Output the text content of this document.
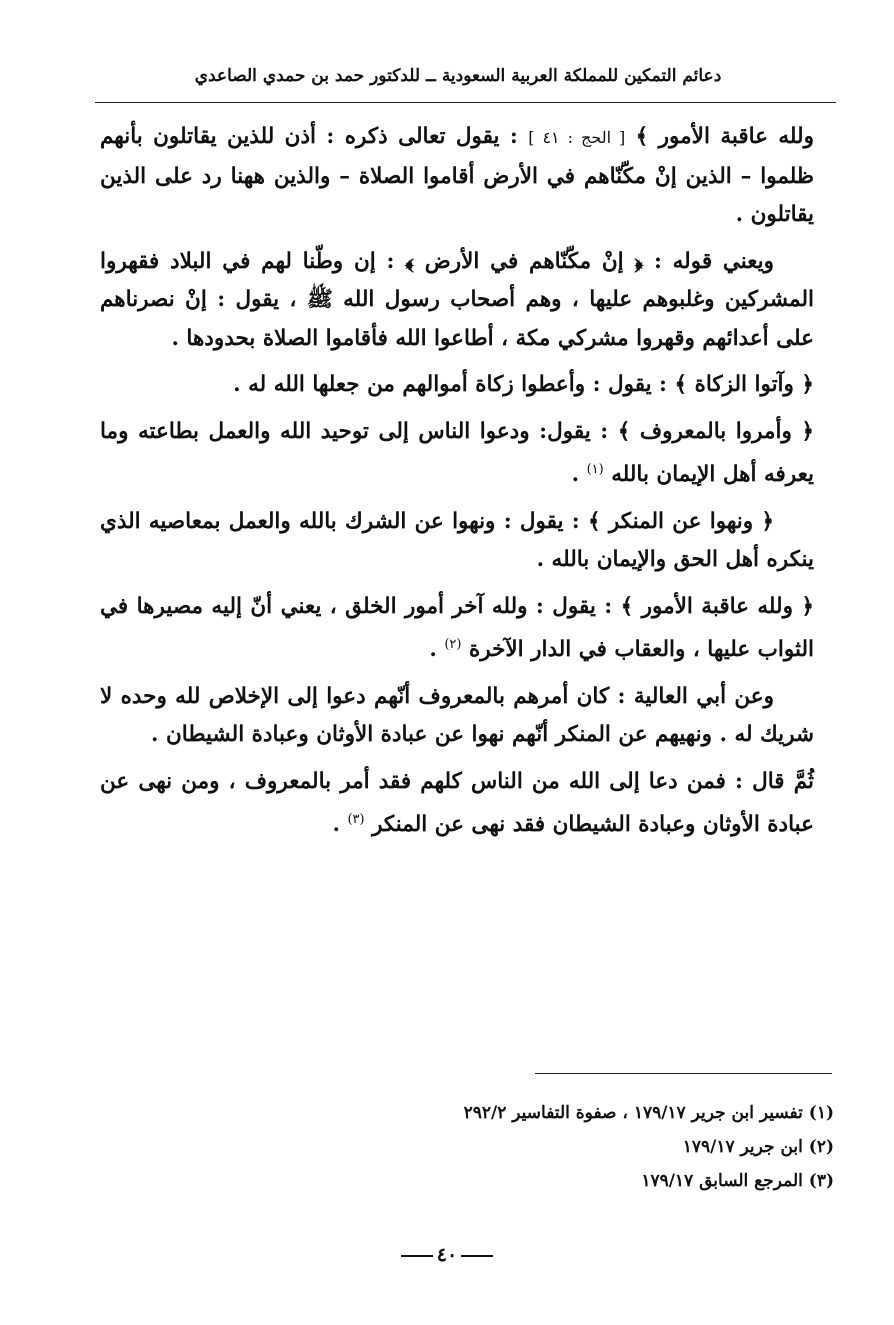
دعائم التمكين للمملكة العربية السعودية ــ للدكتور حمد بن حمدي الصاعدي

ولله عاقبة الأمور ﴾ [ الحج : ٤١ ] : يقول تعالى ذكره : أذن للذين يقاتلون بأنهم ظلموا – الذين إنْ مكّنّاهم في الأرض أقاموا الصلاة – والذين ههنا رد على الذين يقاتلون .

ويعني قوله : ﴿ إنْ مكّنّاهم في الأرض ﴾ : إن وطّنا لهم في البلاد فقهروا المشركين وغلبوهم عليها ، وهم أصحاب رسول الله ﷺ ، يقول : إنْ نصرناهم على أعدائهم وقهروا مشركي مكة ، أطاعوا الله فأقاموا الصلاة بحدودها .

﴿ وآتوا الزكاة ﴾ : يقول : وأعطوا زكاة أموالهم من جعلها الله له .

﴿ وأمروا بالمعروف ﴾ : يقول: ودعوا الناس إلى توحيد الله والعمل بطاعته وما يعرفه أهل الإيمان بالله $^{(١)}$ .

﴿ ونهوا عن المنكر ﴾ : يقول : ونهوا عن الشرك بالله والعمل بمعاصيه الذي ينكره أهل الحق والإيمان بالله .

﴿ ولله عاقبة الأمور ﴾ : يقول : ولله آخر أمور الخلق ، يعني أنّ إليه مصيرها في الثواب عليها ، والعقاب في الدار الآخرة $^{(٢)}$ .

وعن أبي العالية : كان أمرهم بالمعروف أنّهم دعوا إلى الإخلاص لله وحده لا شريك له . ونهيهم عن المنكر أنّهم نهوا عن عبادة الأوثان وعبادة الشيطان .

ثُمَّ قال : فمن دعا إلى الله من الناس كلهم فقد أمر بالمعروف ، ومن نهى عن عبادة الأوثان وعبادة الشيطان فقد نهى عن المنكر $^{(٣)}$ .

(١) تفسير ابن جرير ١٧٩/١٧ ، صفوة التفاسير ٢٩٢/٢
(٢) ابن جرير ١٧٩/١٧
(٣) المرجع السابق ١٧٩/١٧
٤٠
